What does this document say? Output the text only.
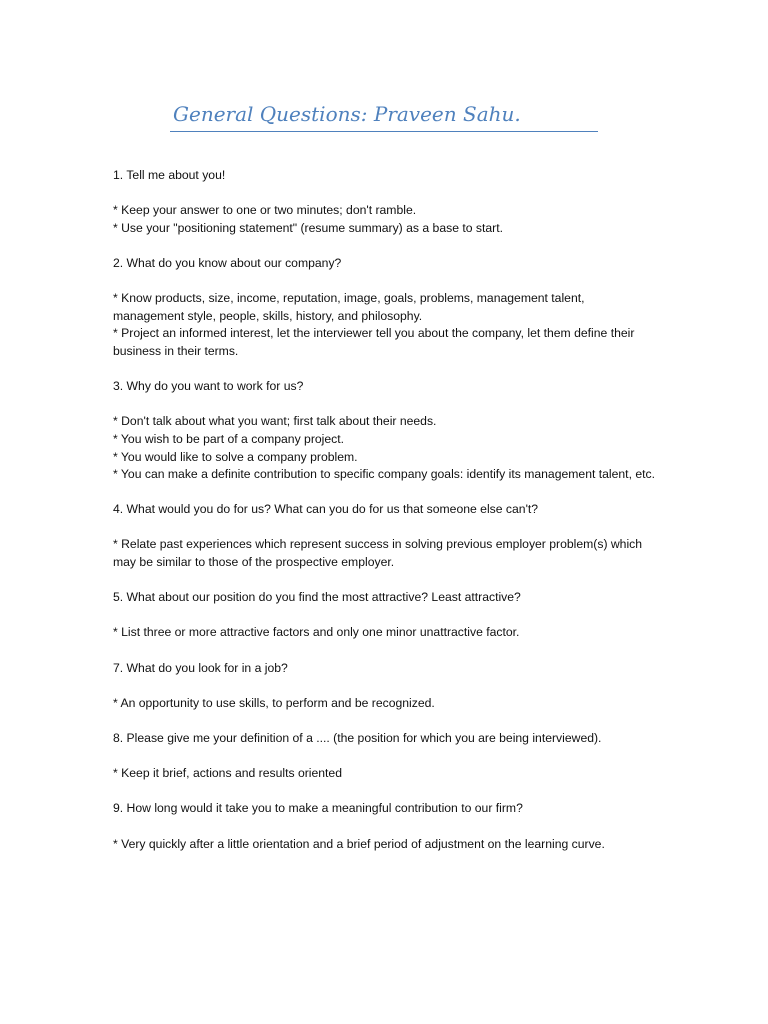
General Questions: Praveen Sahu.
1. Tell me about you!
* Keep your answer to one or two minutes; don't ramble.
* Use your "positioning statement" (resume summary) as a base to start.
2. What do you know about our company?
* Know products, size, income, reputation, image, goals, problems, management talent, management style, people, skills, history, and philosophy.
* Project an informed interest, let the interviewer tell you about the company, let them define their business in their terms.
3. Why do you want to work for us?
* Don't talk about what you want; first talk about their needs.
* You wish to be part of a company project.
* You would like to solve a company problem.
* You can make a definite contribution to specific company goals: identify its management talent, etc.
4. What would you do for us? What can you do for us that someone else can't?
* Relate past experiences which represent success in solving previous employer problem(s) which may be similar to those of the prospective employer.
5. What about our position do you find the most attractive? Least attractive?
* List three or more attractive factors and only one minor unattractive factor.
7. What do you look for in a job?
* An opportunity to use skills, to perform and be recognized.
8. Please give me your definition of a .... (the position for which you are being interviewed).
* Keep it brief, actions and results oriented
9. How long would it take you to make a meaningful contribution to our firm?
* Very quickly after a little orientation and a brief period of adjustment on the learning curve.
